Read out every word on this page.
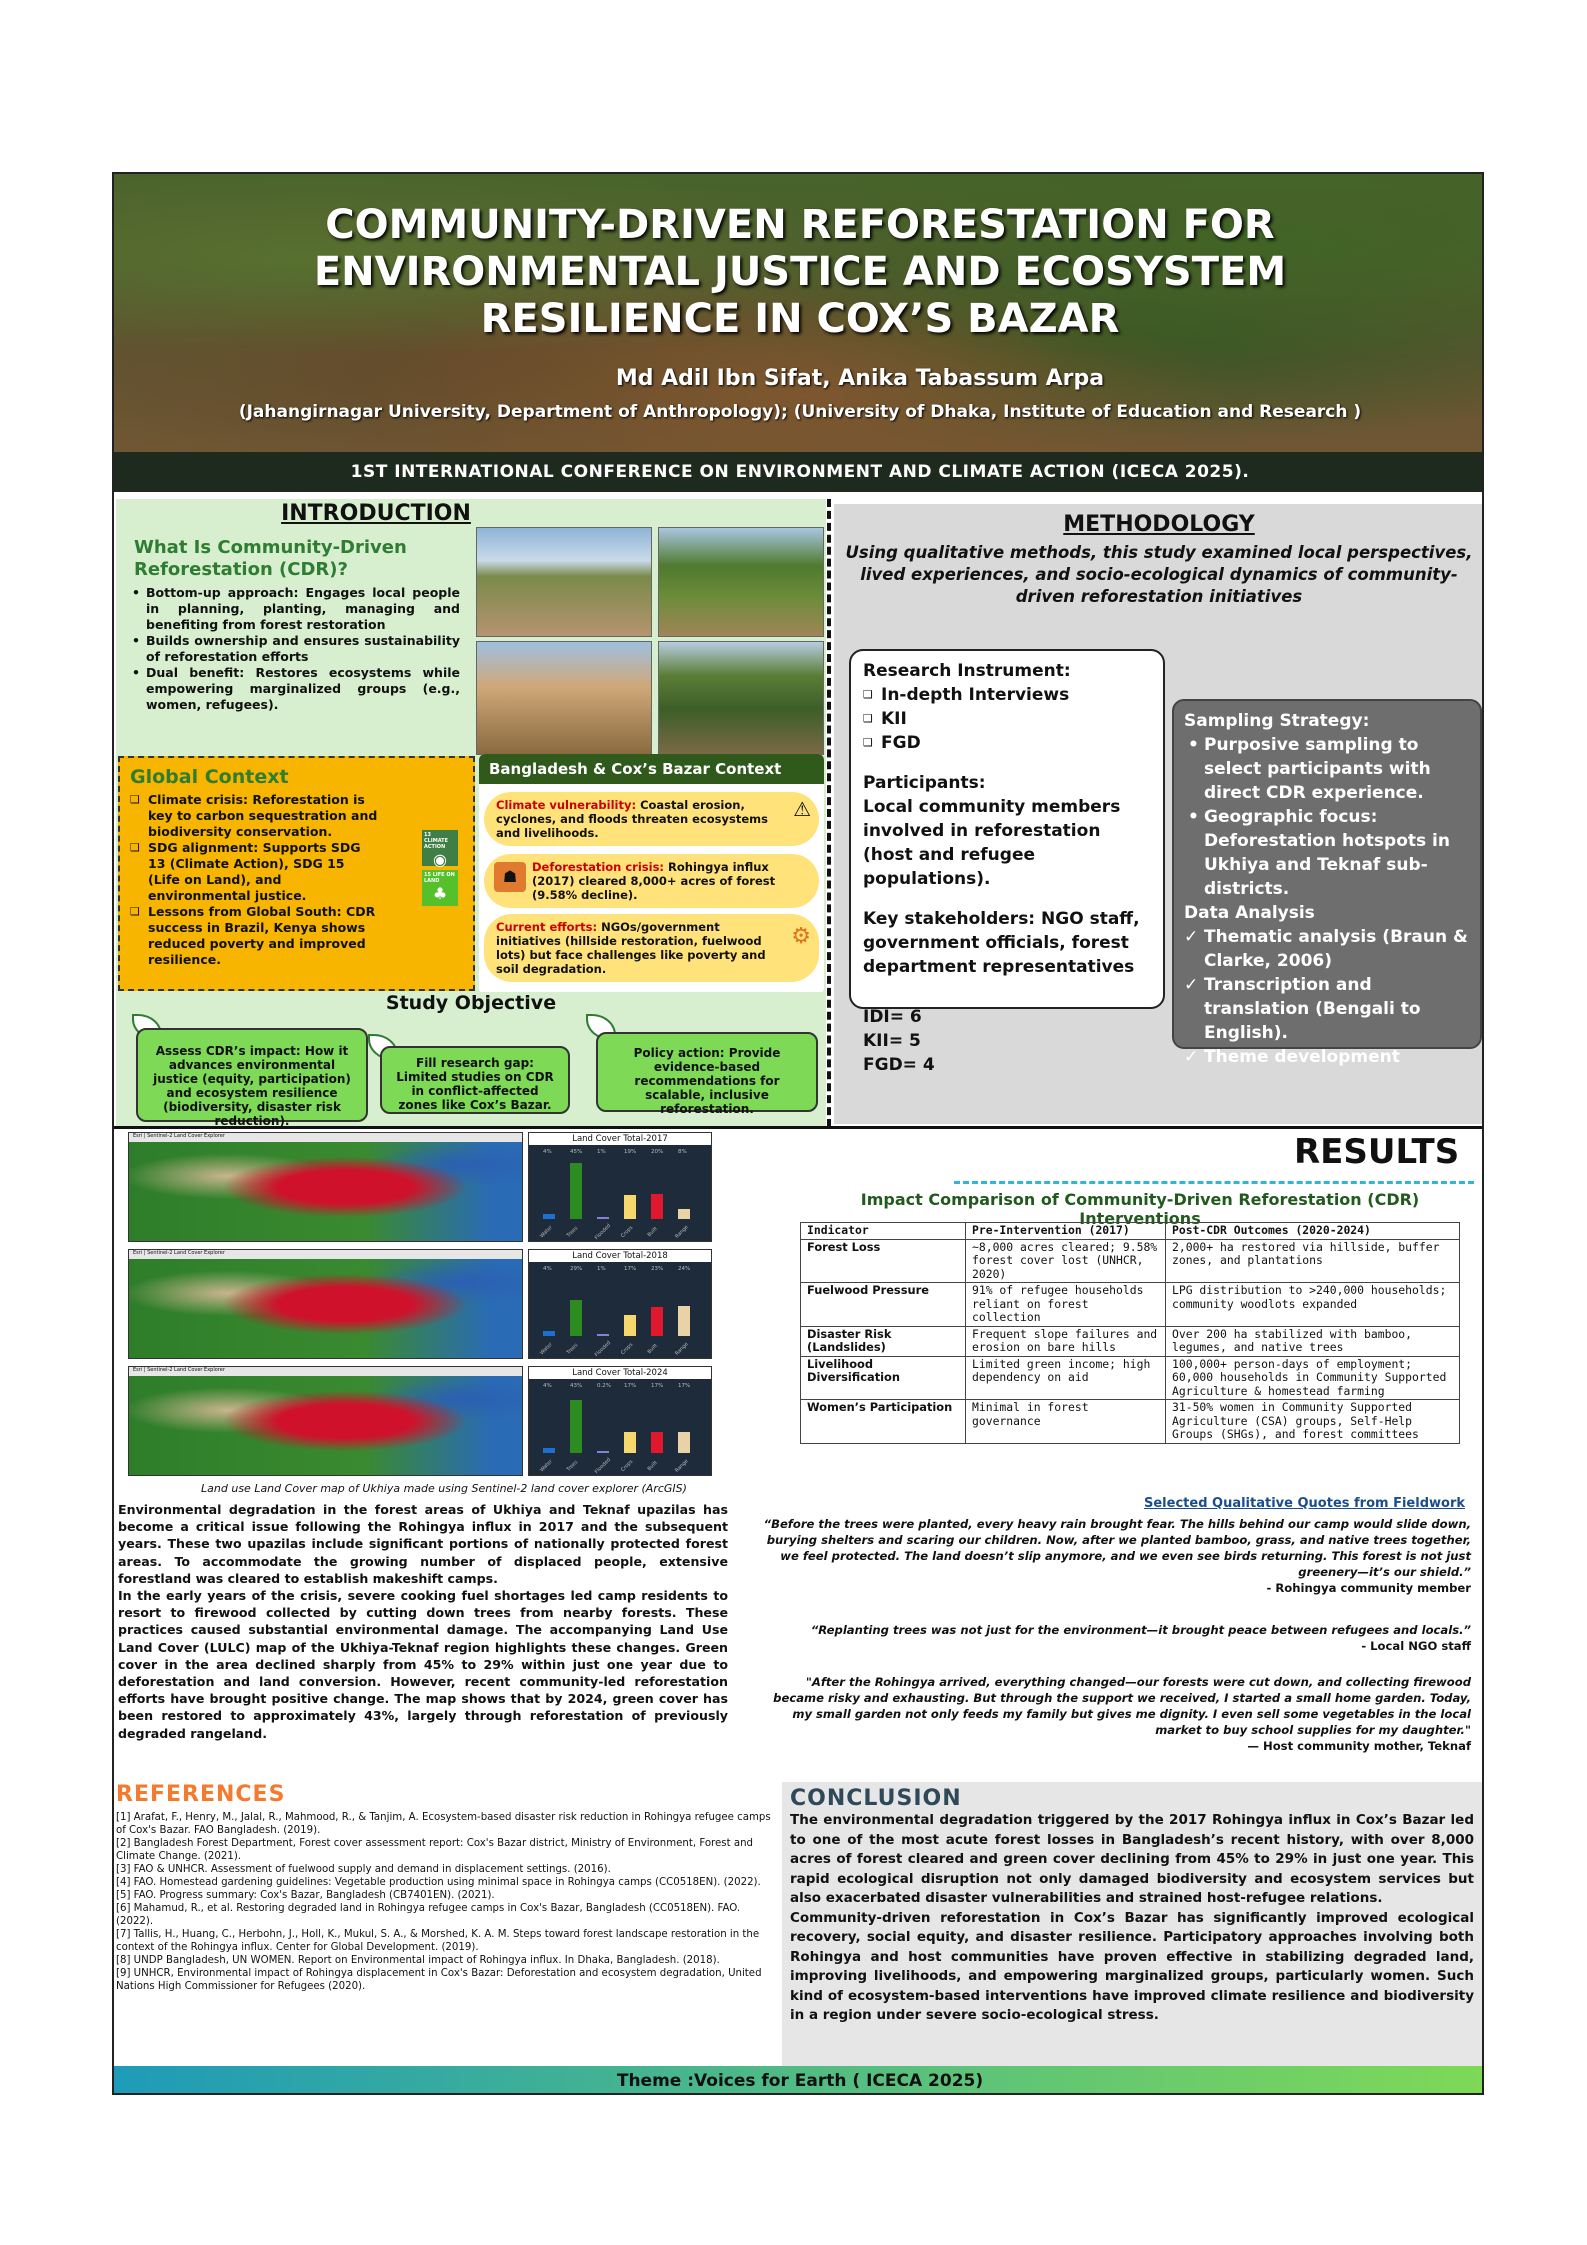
COMMUNITY-DRIVEN REFORESTATION FOR
ENVIRONMENTAL JUSTICE AND ECOSYSTEM
RESILIENCE IN COX’S BAZAR
Md Adil Ibn Sifat, Anika Tabassum Arpa
(Jahangirnagar University, Department of Anthropology); (University of Dhaka, Institute of Education and Research )
1ST INTERNATIONAL CONFERENCE ON ENVIRONMENT AND CLIMATE ACTION (ICECA 2025).
INTRODUCTION
What Is Community-Driven
Reforestation (CDR)?
• Bottom-up approach: Engages local people in planning, planting, managing and benefiting from forest restoration
• Builds ownership and ensures sustainability of reforestation efforts
• Dual benefit: Restores ecosystems while empowering marginalized groups (e.g., women, refugees).
Global Context
❑ Climate crisis: Reforestation is key to carbon sequestration and biodiversity conservation.
❑ SDG alignment: Supports SDG 13 (Climate Action), SDG 15 (Life on Land), and environmental justice.
❑ Lessons from Global South: CDR success in Brazil, Kenya shows reduced poverty and improved resilience.
13 CLIMATE ACTION
◉
15 LIFE ON LAND
♣
Bangladesh & Cox’s Bazar Context
Climate vulnerability: Coastal erosion, cyclones, and floods threaten ecosystems and livelihoods.
⚠
☗	Deforestation crisis: Rohingya influx (2017) cleared 8,000+ acres of forest (9.58% decline).
Current efforts: NGOs/government initiatives (hillside restoration, fuelwood lots) but face challenges like poverty and soil degradation.
⚙
Study Objective
Assess CDR’s impact: How it advances environmental justice (equity, participation) and ecosystem resilience (biodiversity, disaster risk reduction).
Fill research gap: Limited studies on CDR in conflict-affected zones like Cox’s Bazar.
Policy action: Provide evidence-based recommendations for scalable, inclusive reforestation.
METHODOLOGY
Using qualitative methods, this study examined local perspectives,
lived experiences, and socio-ecological dynamics of community-
driven reforestation initiatives
Research Instrument:
❑ In-depth Interviews
❑ KII
❑ FGD
Participants:
Local community members involved in reforestation (host and refugee populations).
Key stakeholders: NGO staff, government officials, forest department representatives
IDI= 6
KII= 5
FGD= 4
Sampling Strategy:
• Purposive sampling to select participants with direct CDR experience.
• Geographic focus: Deforestation hotspots in Ukhiya and Teknaf sub-districts.
Data Analysis
✓ Thematic analysis (Braun & Clarke, 2006)
✓ Transcription and translation (Bengali to English).
✓ Theme development
Esri | Sentinel-2 Land Cover Explorer
Esri | Sentinel-2 Land Cover Explorer
Esri | Sentinel-2 Land Cover Explorer
Land Cover Total-2017
4%	45%	1%	19%	20%	8%
Water Trees	Flooded Crops Built	Range
Land Cover Total-2018
4%	29%	1%	17%	23%	24%
Water Trees	Flooded Crops Built	Range
Land Cover Total-2024
4%	43%	0.2% 17%	17%	17%
Water Trees	Flooded Crops Built	Range
Land use Land Cover map of Ukhiya made using Sentinel-2 land cover explorer (ArcGIS)

Environmental degradation in the forest areas of Ukhiya and Teknaf upazilas has become a critical issue following the Rohingya influx in 2017 and the subsequent years. These two upazilas include significant portions of nationally protected forest areas. To accommodate the growing number of displaced people, extensive forestland was cleared to establish makeshift camps.

In the early years of the crisis, severe cooking fuel shortages led camp residents to resort to firewood collected by cutting down trees from nearby forests. These practices caused substantial environmental damage. The accompanying Land Use Land Cover (LULC) map of the Ukhiya-Teknaf region highlights these changes. Green cover in the area declined sharply from 45% to 29% within just one year due to deforestation and land conversion. However, recent community-led reforestation efforts have brought positive change. The map shows that by 2024, green cover has been restored to approximately 43%, largely through reforestation of previously degraded rangeland.

RESULTS
Impact Comparison of Community-Driven Reforestation (CDR) Interventions
Indicator	Pre-Intervention (2017)	Post-CDR Outcomes (2020-2024)
Forest Loss	~8,000 acres cleared; 9.58% forest cover lost (UNHCR, 2020)	2,000+ ha restored via hillside, buffer zones, and plantations
Fuelwood Pressure	91% of refugee households reliant on forest collection	LPG distribution to >240,000 households; community woodlots expanded
Disaster Risk (Landslides)	Frequent slope failures and erosion on bare hills	Over 200 ha stabilized with bamboo, legumes, and native trees
Livelihood Diversification	Limited green income; high dependency on aid	100,000+ person-days of employment; 60,000 households in Community Supported Agriculture & homestead farming
Women’s Participation	Minimal in forest governance	31-50% women in Community Supported Agriculture (CSA) groups, Self-Help Groups (SHGs), and forest committees
Selected Qualitative Quotes from Fieldwork
“Before the trees were planted, every heavy rain brought fear. The hills behind our camp would slide down, burying shelters and scaring our children. Now, after we planted bamboo, grass, and native trees together, we feel protected. The land doesn’t slip anymore, and we even see birds returning. This forest is not just greenery—it’s our shield.”
- Rohingya community member
“Replanting trees was not just for the environment—it brought peace between refugees and locals.”
- Local NGO staff
"After the Rohingya arrived, everything changed—our forests were cut down, and collecting firewood became risky and exhausting. But through the support we received, I started a small home garden. Today, my small garden not only feeds my family but gives me dignity. I even sell some vegetables in the local market to buy school supplies for my daughter."
— Host community mother, Teknaf
REFERENCES
[1] Arafat, F., Henry, M., Jalal, R., Mahmood, R., & Tanjim, A. Ecosystem-based disaster risk reduction in Rohingya refugee camps of Cox's Bazar. FAO Bangladesh. (2019).
[2] Bangladesh Forest Department, Forest cover assessment report: Cox's Bazar district, Ministry of Environment, Forest and Climate Change. (2021).
[3] FAO & UNHCR. Assessment of fuelwood supply and demand in displacement settings. (2016).
[4] FAO. Homestead gardening guidelines: Vegetable production using minimal space in Rohingya camps (CC0518EN). (2022).
[5] FAO. Progress summary: Cox's Bazar, Bangladesh (CB7401EN). (2021).
[6] Mahamud, R., et al. Restoring degraded land in Rohingya refugee camps in Cox's Bazar, Bangladesh (CC0518EN). FAO. (2022).
[7] Tallis, H., Huang, C., Herbohn, J., Holl, K., Mukul, S. A., & Morshed, K. A. M. Steps toward forest landscape restoration in the context of the Rohingya influx. Center for Global Development. (2019).
[8] UNDP Bangladesh, UN WOMEN. Report on Environmental impact of Rohingya influx. In Dhaka, Bangladesh. (2018).
[9] UNHCR, Environmental impact of Rohingya displacement in Cox's Bazar: Deforestation and ecosystem degradation, United Nations High Commissioner for Refugees (2020).
CONCLUSION

The environmental degradation triggered by the 2017 Rohingya influx in Cox’s Bazar led to one of the most acute forest losses in Bangladesh’s recent history, with over 8,000 acres of forest cleared and green cover declining from 45% to 29% in just one year. This rapid ecological disruption not only damaged biodiversity and ecosystem services but also exacerbated disaster vulnerabilities and strained host-refugee relations.

Community-driven reforestation in Cox’s Bazar has significantly improved ecological recovery, social equity, and disaster resilience. Participatory approaches involving both Rohingya and host communities have proven effective in stabilizing degraded land, improving livelihoods, and empowering marginalized groups, particularly women. Such kind of ecosystem-based interventions have improved climate resilience and biodiversity in a region under severe socio-ecological stress.

Theme :Voices for Earth ( ICECA 2025)
